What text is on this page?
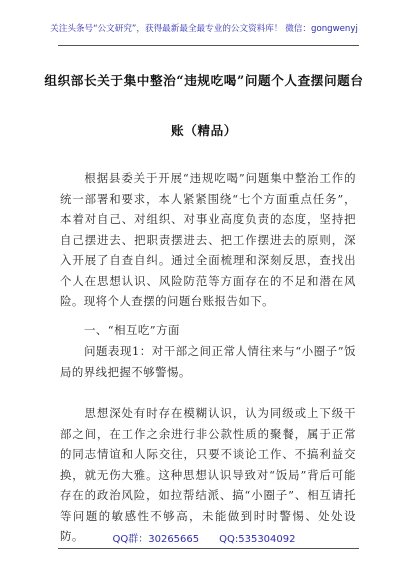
关注头条号“公文研究”，获得最新最全最专业的公文资料库！ 微信：gongwenyj
组织部长关于集中整治“违规吃喝”问题个人查摆问题台
账（精品）
根据县委关于开展“违规吃喝”问题集中整治工作的统一部署和要求，本人紧紧围绕“七个方面重点任务”，本着对自己、对组织、对事业高度负责的态度，坚持把自己摆进去、把职责摆进去、把工作摆进去的原则，深入开展了自查自纠。通过全面梳理和深刻反思，查找出个人在思想认识、风险防范等方面存在的不足和潜在风险。现将个人查摆的问题台账报告如下。
一、“相互吃”方面
问题表现1：对干部之间正常人情往来与“小圈子”饭局的界线把握不够警惕。
思想深处有时存在模糊认识，认为同级或上下级干部之间，在工作之余进行非公款性质的聚餐，属于正常的同志情谊和人际交往，只要不谈论工作、不搞利益交换，就无伤大雅。这种思想认识导致对“饭局”背后可能存在的政治风险，如拉帮结派、搞“小圈子”、相互请托等问题的敏感性不够高，未能做到时时警惕、处处设防。	QQ群：30265665 QQ:535304092
